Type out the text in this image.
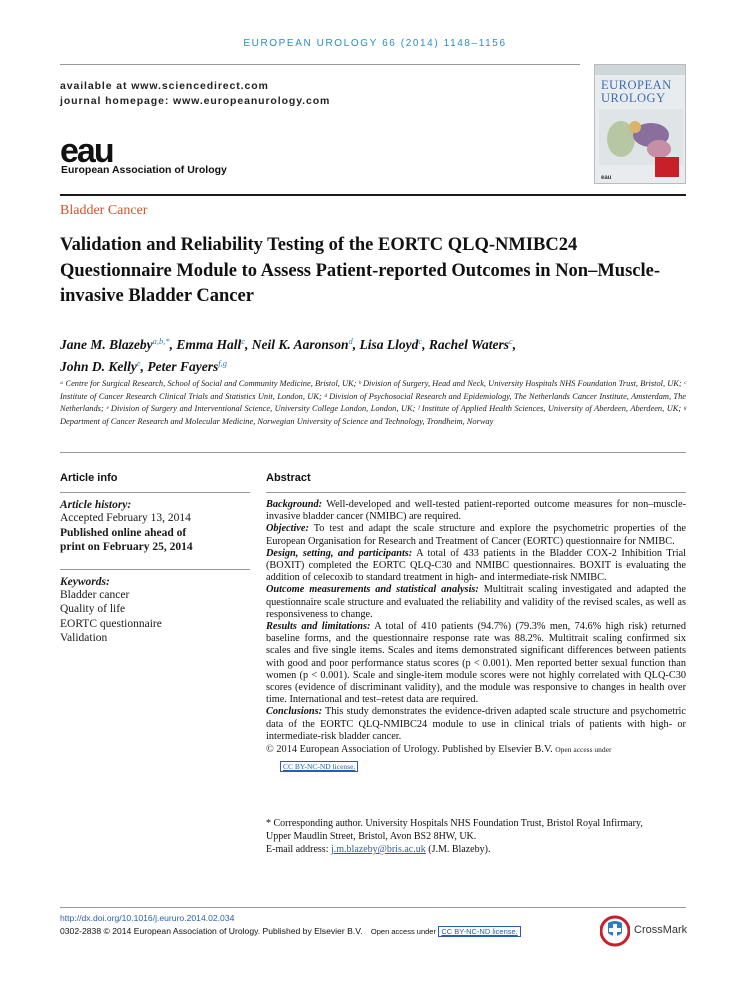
EUROPEAN UROLOGY 66 (2014) 1148–1156
available at www.sciencedirect.com
journal homepage: www.europeanurology.com
eau
European Association of Urology
EUROPEAN
UROLOGY
eau
Bladder Cancer
Validation and Reliability Testing of the EORTC QLQ-NMIBC24 Questionnaire Module to Assess Patient-reported Outcomes in Non–Muscle-invasive Bladder Cancer
Jane M. Blazeby$^{a,b,*}$, Emma Hall$^c$, Neil K. Aaronson$^d$, Lisa Lloyd$^c$, Rachel Waters$^c$,
John D. Kelly$^e$, Peter Fayers$^{f,g}$
ᵃ Centre for Surgical Research, School of Social and Community Medicine, Bristol, UK; ᵇ Division of Surgery, Head and Neck, University Hospitals NHS Foundation Trust, Bristol, UK; ᶜ Institute of Cancer Research Clinical Trials and Statistics Unit, London, UK; ᵈ Division of Psychosocial Research and Epidemiology, The Netherlands Cancer Institute, Amsterdam, The Netherlands; ᵉ Division of Surgery and Interventional Science, University College London, London, UK; ᶠ Institute of Applied Health Sciences, University of Aberdeen, Aberdeen, UK; ᵍ Department of Cancer Research and Molecular Medicine, Norwegian University of Science and Technology, Trondheim, Norway
Article info
Article history:
Accepted February 13, 2014
Published online ahead of
print on February 25, 2014
Keywords:
Bladder cancer
Quality of life
EORTC questionnaire
Validation
Abstract

Background: Well-developed and well-tested patient-reported outcome measures for non–muscle-invasive bladder cancer (NMIBC) are required.

Objective: To test and adapt the scale structure and explore the psychometric properties of the European Organisation for Research and Treatment of Cancer (EORTC) questionnaire for NMIBC.

Design, setting, and participants: A total of 433 patients in the Bladder COX-2 Inhibition Trial (BOXIT) completed the EORTC QLQ-C30 and NMIBC questionnaires. BOXIT is evaluating the addition of celecoxib to standard treatment in high- and intermediate-risk NMIBC.

Outcome measurements and statistical analysis: Multitrait scaling investigated and adapted the questionnaire scale structure and evaluated the reliability and validity of the revised scales, as well as responsiveness to change.

Results and limitations: A total of 410 patients (94.7%) (79.3% men, 74.6% high risk) returned baseline forms, and the questionnaire response rate was 88.2%. Multitrait scaling confirmed six scales and five single items. Scales and items demonstrated significant differences between patients with good and poor performance status scores (p < 0.001). Men reported better sexual function than women (p < 0.001). Scale and single-item module scores were not highly correlated with QLQ-C30 scores (evidence of discriminant validity), and the module was responsive to changes in health over time. International and test–retest data are required.

Conclusions: This study demonstrates the evidence-driven adapted scale structure and psychometric data of the EORTC QLQ-NMIBC24 module to use in clinical trials of patients with high- or intermediate-risk bladder cancer.

© 2014 European Association of Urology. Published by Elsevier B.V. Open access under
CC BY-NC-ND license.
* Corresponding author. University Hospitals NHS Foundation Trust, Bristol Royal Infirmary,
Upper Maudlin Street, Bristol, Avon BS2 8HW, UK.
E-mail address: j.m.blazeby@bris.ac.uk (J.M. Blazeby).
http://dx.doi.org/10.1016/j.eururo.2014.02.034
0302-2838 © 2014 European Association of Urology. Published by Elsevier B.V. Open access under CC BY-NC-ND license.	CrossMark
